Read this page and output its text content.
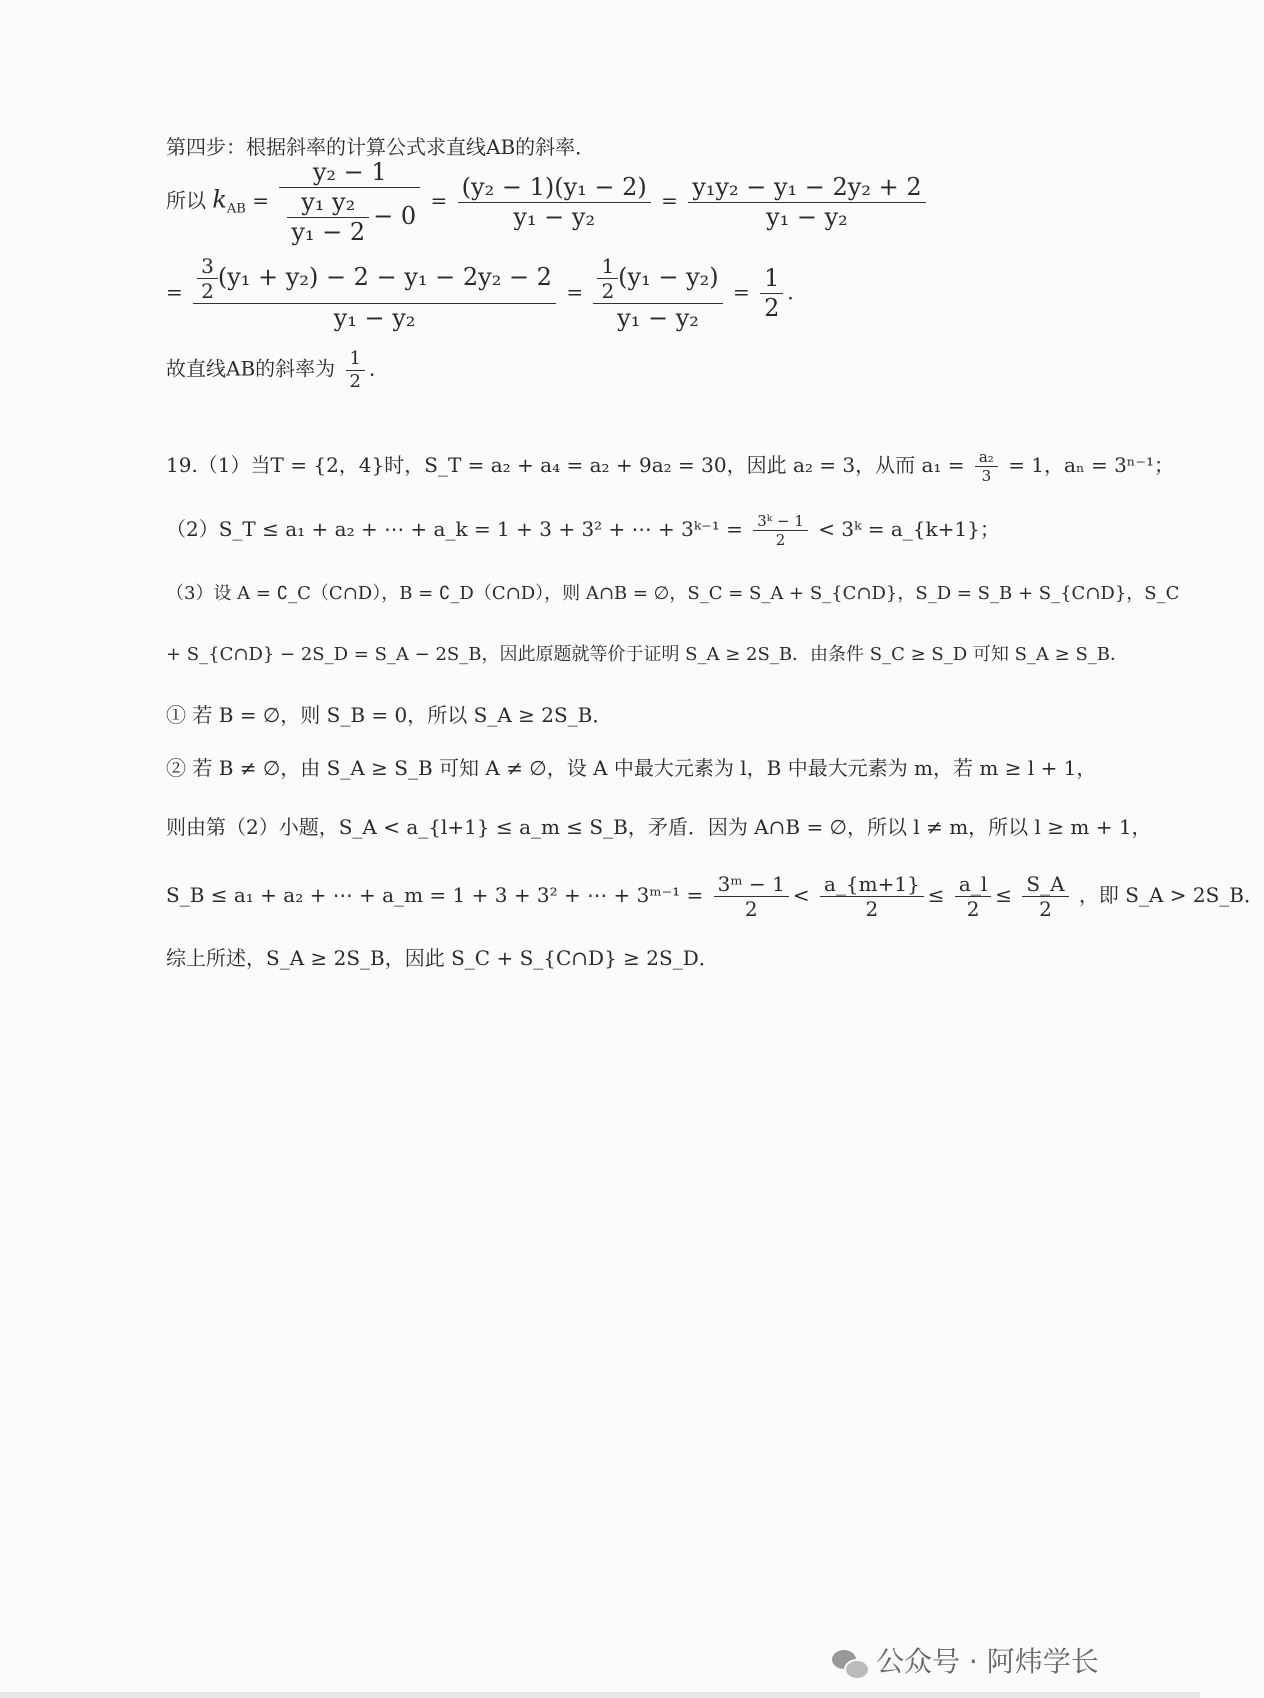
第四步：根据斜率的计算公式求直线AB的斜率．
所以 $k_{AB} = \frac{\text{y₂ − 1}}{\frac{\text{y₁ y₂}}{\text{y₁ − 2}} - 0} = \frac{\text{(y₂ − 1)(y₁ − 2)}}{\text{y₁ − y₂}} = \frac{\text{y₁y₂ − y₁ − 2y₂ + 2}}{\text{y₁ − y₂}}$
= $\frac{\frac{3}{2} (y_1 + y_2) - 2 - y_1 - 2y_2 - 2}{\text{y₁ − y₂}} = \frac{\frac{1}{2} (y_1 - y_2)}{\text{y₁ − y₂}} = \frac{1}{2}$ ．
故直线AB的斜率为 $\frac{1}{2}$ ．
19.（1）当T = {2，4}时，S_T = a₂ + a₄ = a₂ + 9a₂ = 30，因此 a₂ = 3，从而 $a_1 = \frac{\text{a₂}}{3} = 1$，aₙ = 3ⁿ⁻¹；
（2）S_T ≤ a₁ + a₂ + ⋯ + a_k = 1 + 3 + 3² + ⋯ + 3ᵏ⁻¹ = $\frac{\text{3ᵏ − 1}}{2}$ < 3ᵏ = a_{k+1}；
（3）设 A = ∁_C（C∩D），B = ∁_D（C∩D），则 A∩B = ∅，S_C = S_A + S_{C∩D}，S_D = S_B + S_{C∩D}，S_C
+ S_{C∩D} − 2S_D = S_A − 2S_B，因此原题就等价于证明 S_A ≥ 2S_B．由条件 S_C ≥ S_D 可知 S_A ≥ S_B．
① 若 B = ∅，则 S_B = 0，所以 S_A ≥ 2S_B．
② 若 B ≠ ∅，由 S_A ≥ S_B 可知 A ≠ ∅，设 A 中最大元素为 l，B 中最大元素为 m，若 m ≥ l + 1，
则由第（2）小题，S_A < a_{l+1} ≤ a_m ≤ S_B，矛盾．因为 A∩B = ∅，所以 l ≠ m，所以 l ≥ m + 1，
S_B ≤ a₁ + a₂ + ⋯ + a_m = 1 + 3 + 3² + ⋯ + 3ᵐ⁻¹ = $\frac{\text{3ᵐ − 1}}{2} < \frac{a\_\{m+1\}}{2} \le \frac{a\_l}{2} \le \frac{S\_A}{2}$ ，即 S_A > 2S_B．
综上所述，S_A ≥ 2S_B，因此 S_C + S_{C∩D} ≥ 2S_D．
公众号 · 阿炜学长
